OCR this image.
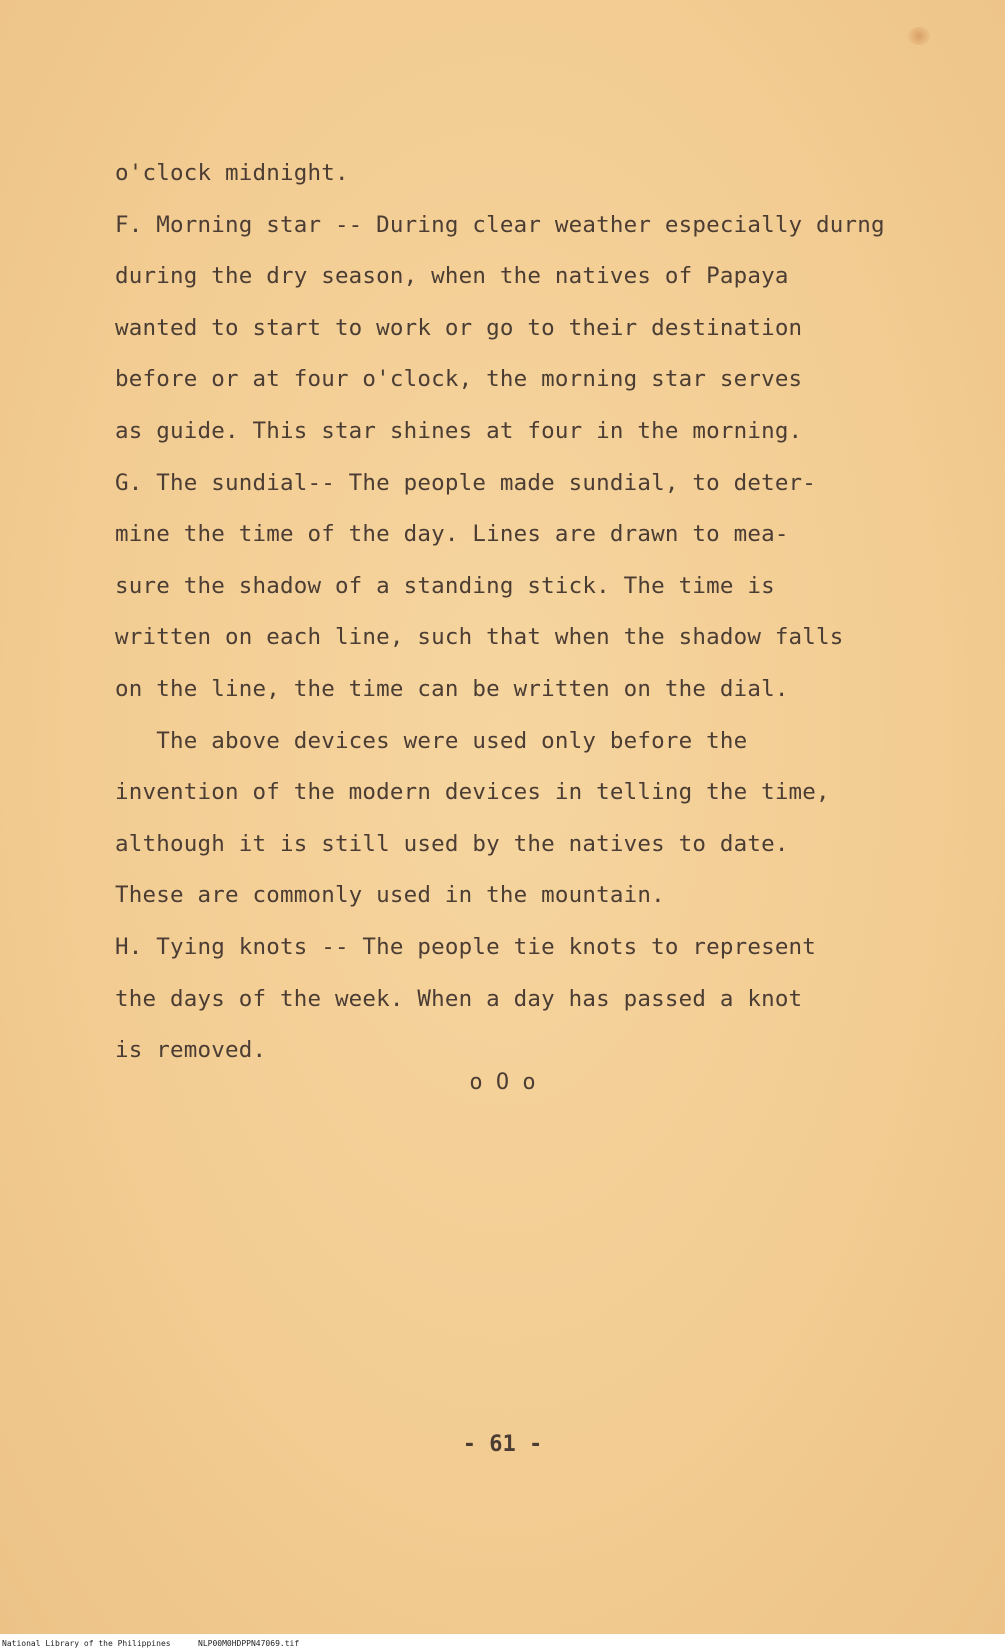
o'clock midnight.
F. Morning star -- During clear weather especially durng
during the dry season, when the natives of Papaya
wanted to start to work or go to their destination
before or at four o'clock, the morning star serves
as guide. This star shines at four in the morning.
G. The sundial-- The people made sundial, to deter-
mine the time of the day. Lines are drawn to mea-
sure the shadow of a standing stick. The time is
written on each line, such that when the shadow falls
on the line, the time can be written on the dial.
The above devices were used only before the
invention of the modern devices in telling the time,
although it is still used by the natives to date.
These are commonly used in the mountain.
H. Tying knots -- The people tie knots to represent
the days of the week. When a day has passed a knot
is removed.
o O o
- 61 -
National Library of the Philippines	NLP00M0HDPPN47069.tif
